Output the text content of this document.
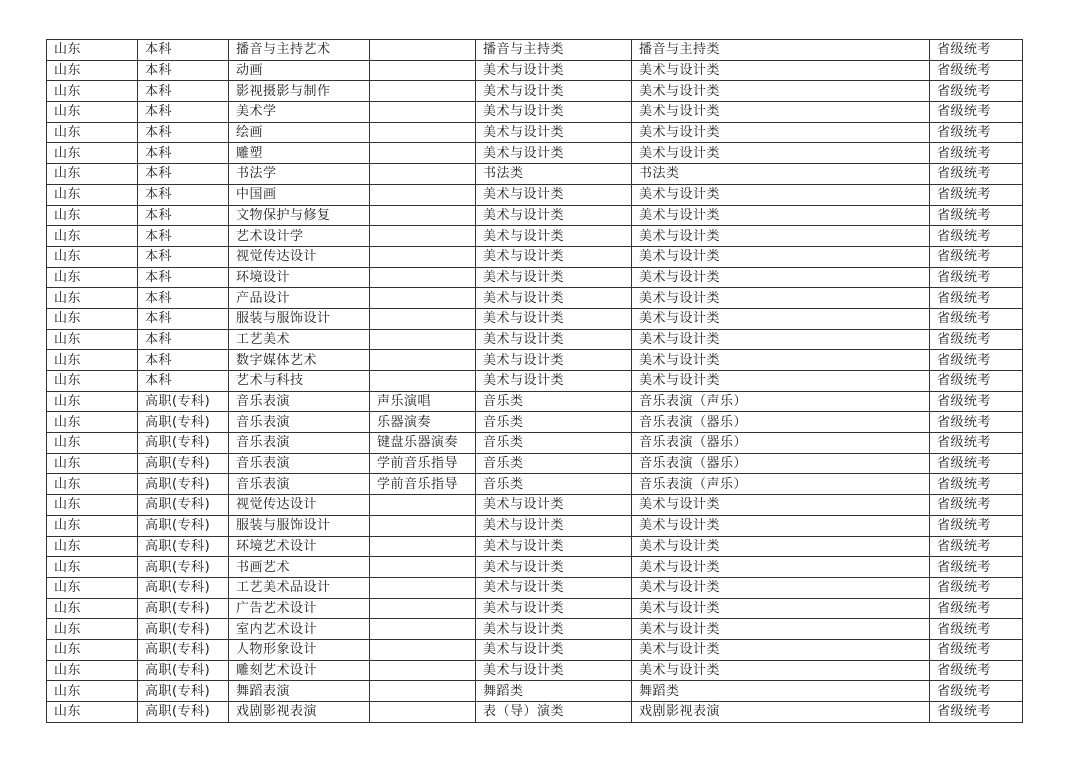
山东	本科	播音与主持艺术		播音与主持类	播音与主持类	省级统考
山东	本科	动画		美术与设计类	美术与设计类	省级统考
山东	本科	影视摄影与制作		美术与设计类	美术与设计类	省级统考
山东	本科	美术学		美术与设计类	美术与设计类	省级统考
山东	本科	绘画		美术与设计类	美术与设计类	省级统考
山东	本科	雕塑		美术与设计类	美术与设计类	省级统考
山东	本科	书法学		书法类	书法类	省级统考
山东	本科	中国画		美术与设计类	美术与设计类	省级统考
山东	本科	文物保护与修复		美术与设计类	美术与设计类	省级统考
山东	本科	艺术设计学		美术与设计类	美术与设计类	省级统考
山东	本科	视觉传达设计		美术与设计类	美术与设计类	省级统考
山东	本科	环境设计		美术与设计类	美术与设计类	省级统考
山东	本科	产品设计		美术与设计类	美术与设计类	省级统考
山东	本科	服装与服饰设计		美术与设计类	美术与设计类	省级统考
山东	本科	工艺美术		美术与设计类	美术与设计类	省级统考
山东	本科	数字媒体艺术		美术与设计类	美术与设计类	省级统考
山东	本科	艺术与科技		美术与设计类	美术与设计类	省级统考
山东	高职(专科)	音乐表演	声乐演唱	音乐类	音乐表演（声乐）	省级统考
山东	高职(专科)	音乐表演	乐器演奏	音乐类	音乐表演（器乐）	省级统考
山东	高职(专科)	音乐表演	键盘乐器演奏	音乐类	音乐表演（器乐）	省级统考
山东	高职(专科)	音乐表演	学前音乐指导	音乐类	音乐表演（器乐）	省级统考
山东	高职(专科)	音乐表演	学前音乐指导	音乐类	音乐表演（声乐）	省级统考
山东	高职(专科)	视觉传达设计		美术与设计类	美术与设计类	省级统考
山东	高职(专科)	服装与服饰设计		美术与设计类	美术与设计类	省级统考
山东	高职(专科)	环境艺术设计		美术与设计类	美术与设计类	省级统考
山东	高职(专科)	书画艺术		美术与设计类	美术与设计类	省级统考
山东	高职(专科)	工艺美术品设计		美术与设计类	美术与设计类	省级统考
山东	高职(专科)	广告艺术设计		美术与设计类	美术与设计类	省级统考
山东	高职(专科)	室内艺术设计		美术与设计类	美术与设计类	省级统考
山东	高职(专科)	人物形象设计		美术与设计类	美术与设计类	省级统考
山东	高职(专科)	雕刻艺术设计		美术与设计类	美术与设计类	省级统考
山东	高职(专科)	舞蹈表演		舞蹈类	舞蹈类	省级统考
山东	高职(专科)	戏剧影视表演		表（导）演类	戏剧影视表演	省级统考
